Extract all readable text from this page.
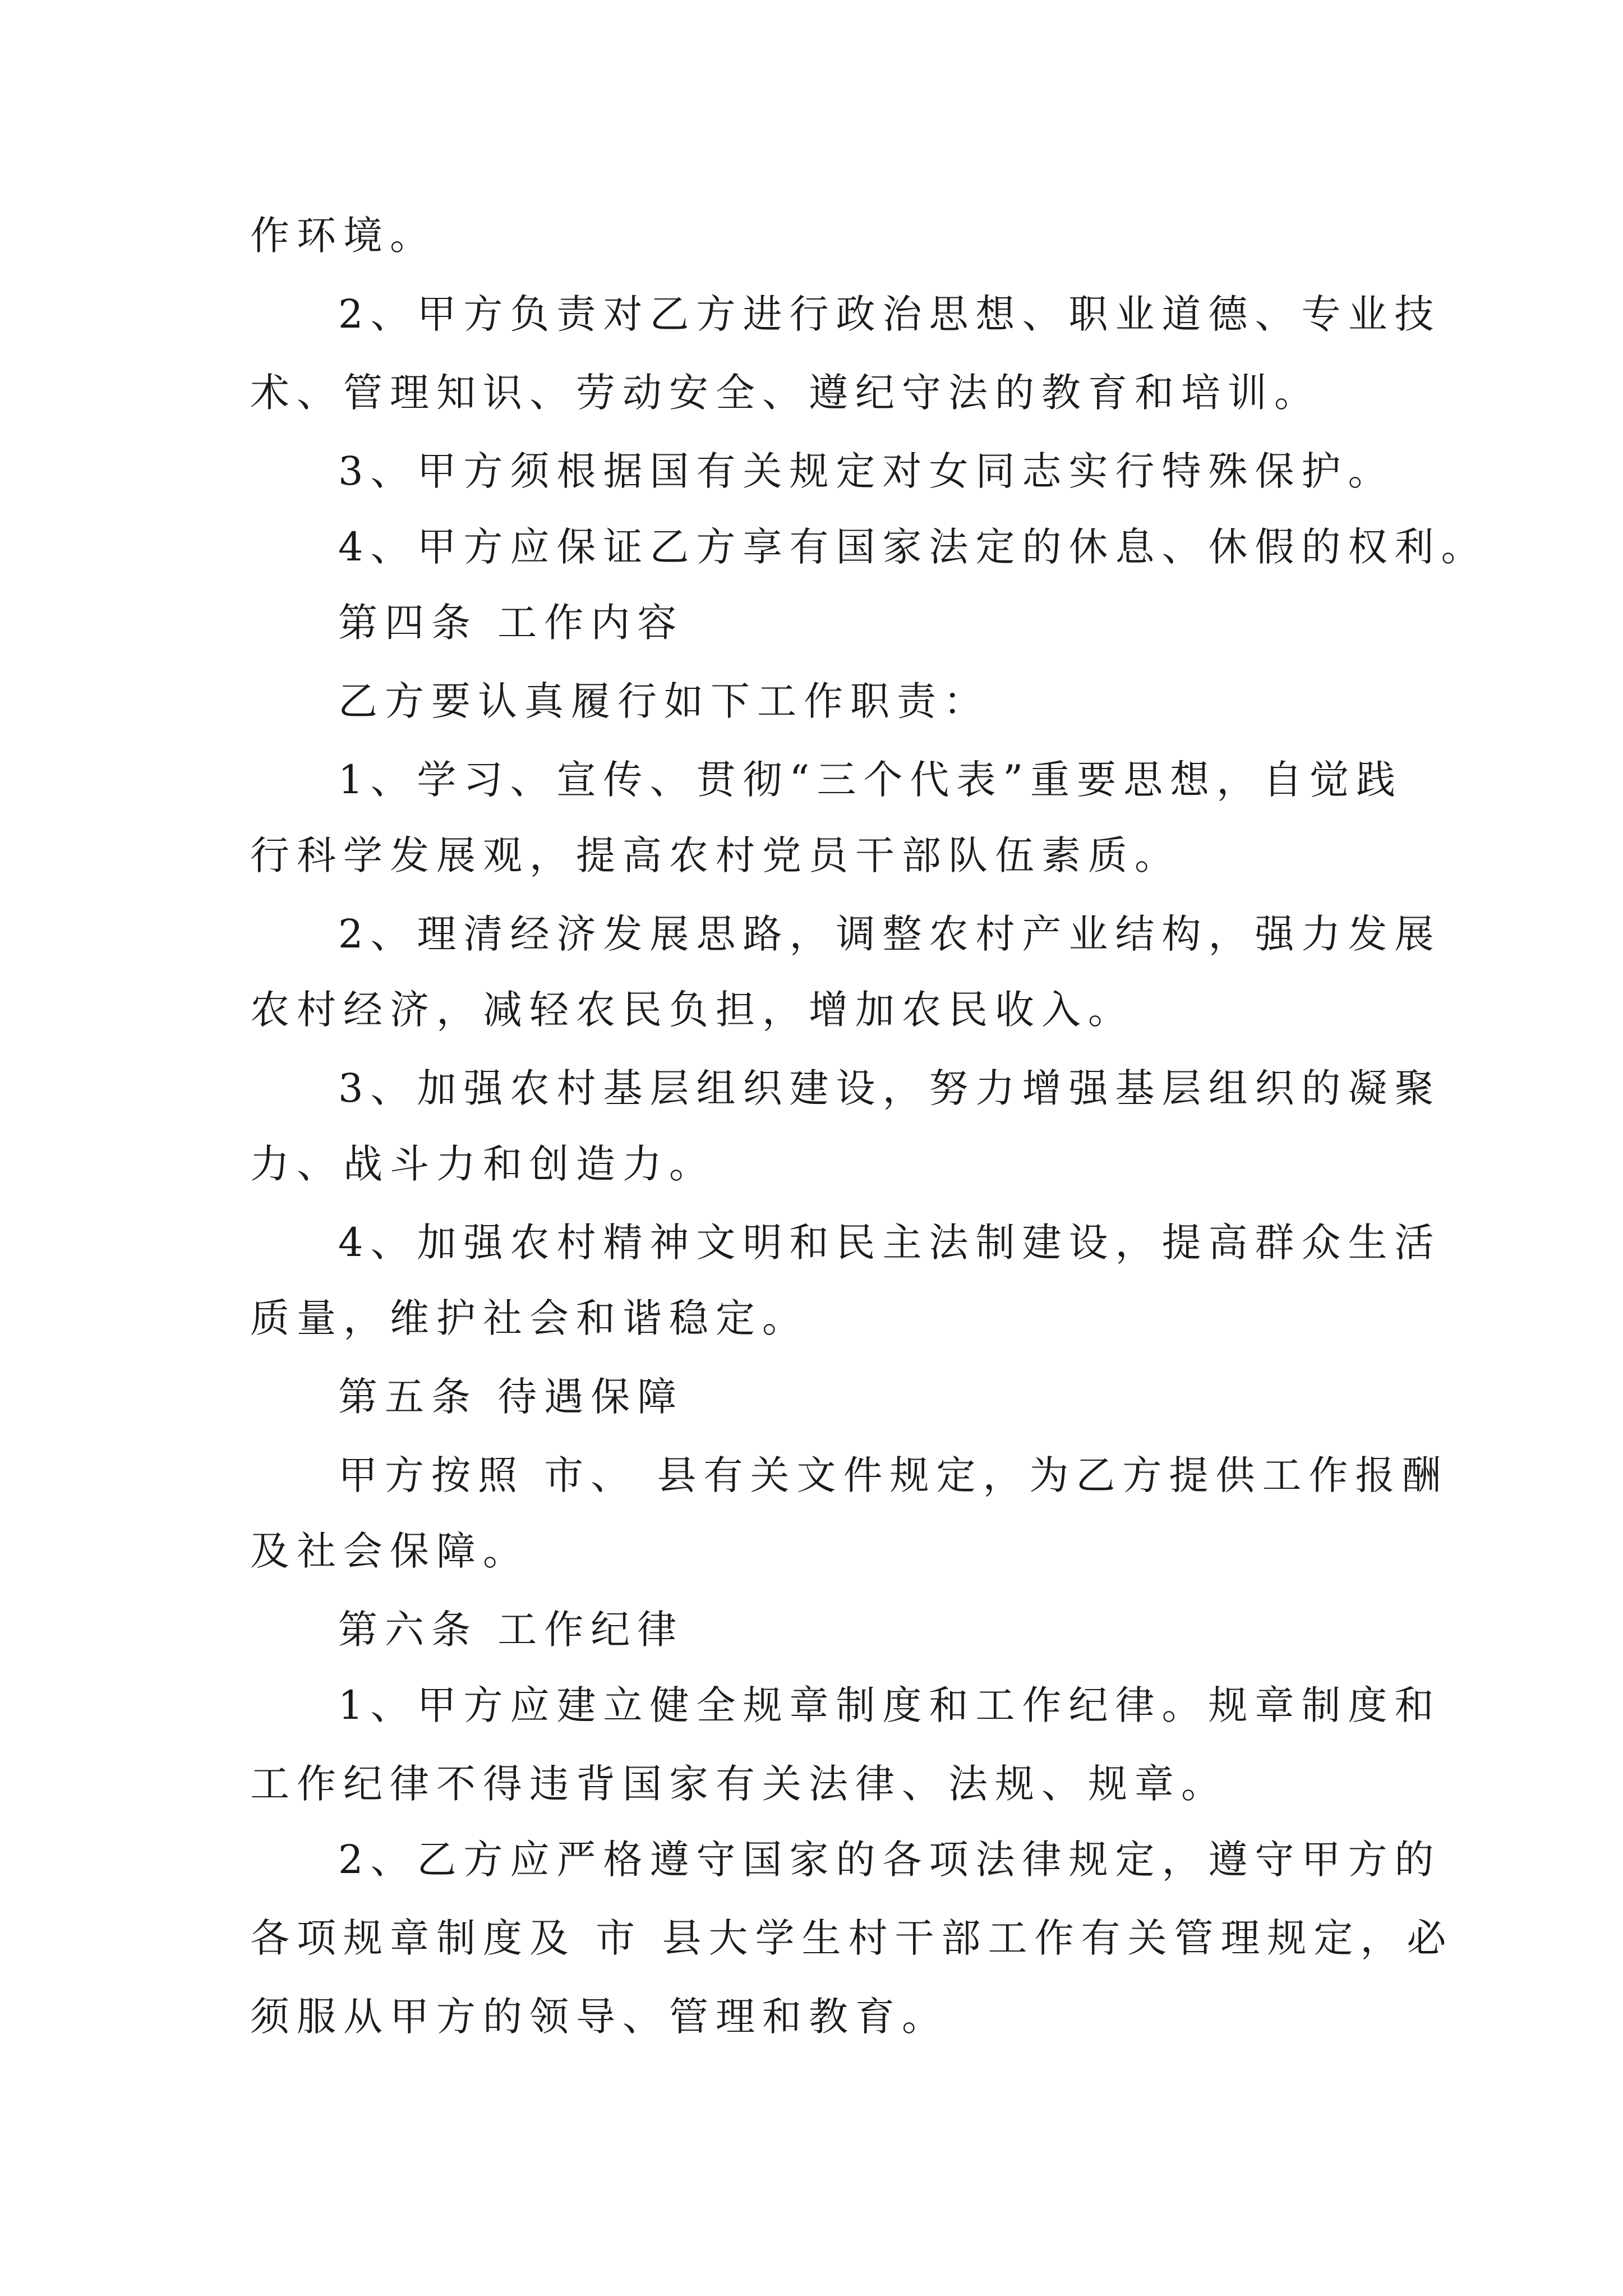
作环境。
2、甲方负责对乙方进行政治思想、职业道德、专业技
术、管理知识、劳动安全、遵纪守法的教育和培训。
3、甲方须根据国有关规定对女同志实行特殊保护。
4、甲方应保证乙方享有国家法定的休息、休假的权利。
第四条 工作内容
乙方要认真履行如下工作职责：
1、学习、宣传、贯彻“三个代表”重要思想，自觉践
行科学发展观，提高农村党员干部队伍素质。
2、理清经济发展思路，调整农村产业结构，强力发展
农村经济，减轻农民负担，增加农民收入。
3、加强农村基层组织建设，努力增强基层组织的凝聚
力、战斗力和创造力。
4、加强农村精神文明和民主法制建设，提高群众生活
质量，维护社会和谐稳定。
第五条 待遇保障
甲方按照 市、 县有关文件规定，为乙方提供工作报酬
及社会保障。
第六条 工作纪律
1、甲方应建立健全规章制度和工作纪律。规章制度和
工作纪律不得违背国家有关法律、法规、规章。
2、乙方应严格遵守国家的各项法律规定，遵守甲方的
各项规章制度及 市 县大学生村干部工作有关管理规定，必
须服从甲方的领导、管理和教育。
